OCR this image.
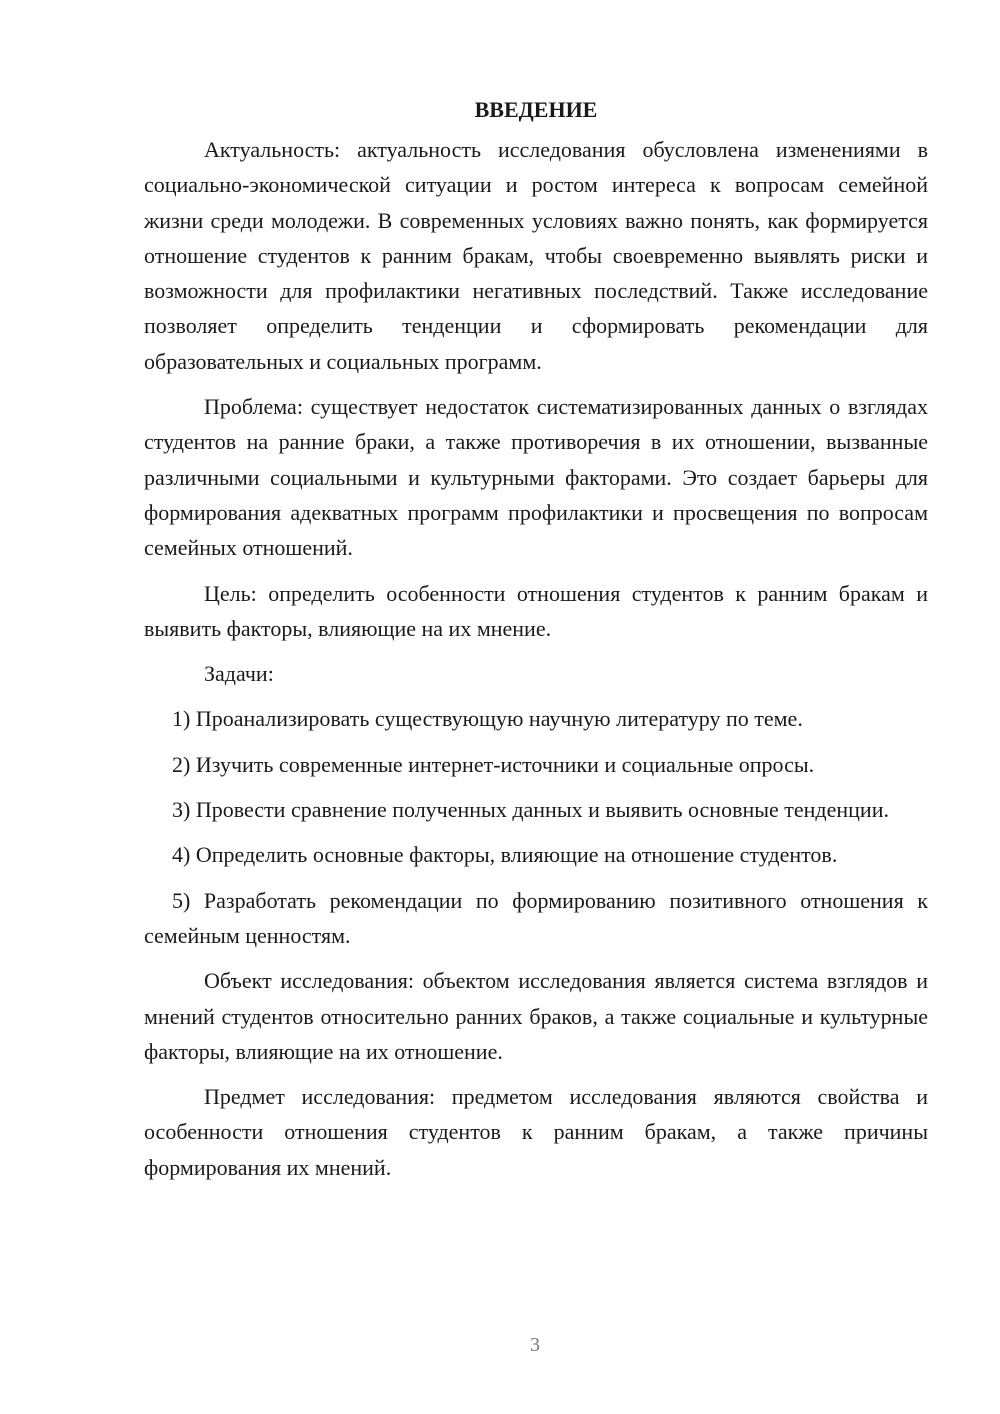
ВВЕДЕНИЕ

Актуальность: актуальность исследования обусловлена изменениями в социально-экономической ситуации и ростом интереса к вопросам семейной жизни среди молодежи. В современных условиях важно понять, как формируется отношение студентов к ранним бракам, чтобы своевременно выявлять риски и возможности для профилактики негативных последствий. Также исследование позволяет определить тенденции и сформировать рекомендации для образовательных и социальных программ.

Проблема: существует недостаток систематизированных данных о взглядах студентов на ранние браки, а также противоречия в их отношении, вызванные различными социальными и культурными факторами. Это создает барьеры для формирования адекватных программ профилактики и просвещения по вопросам семейных отношений.

Цель: определить особенности отношения студентов к ранним бракам и выявить факторы, влияющие на их мнение.

Задачи:

1) Проанализировать существующую научную литературу по теме.

2) Изучить современные интернет-источники и социальные опросы.

3) Провести сравнение полученных данных и выявить основные тенденции.

4) Определить основные факторы, влияющие на отношение студентов.

5) Разработать рекомендации по формированию позитивного отношения к семейным ценностям.

Объект исследования: объектом исследования является система взглядов и мнений студентов относительно ранних браков, а также социальные и культурные факторы, влияющие на их отношение.

Предмет исследования: предметом исследования являются свойства и особенности отношения студентов к ранним бракам, а также причины формирования их мнений.

3
